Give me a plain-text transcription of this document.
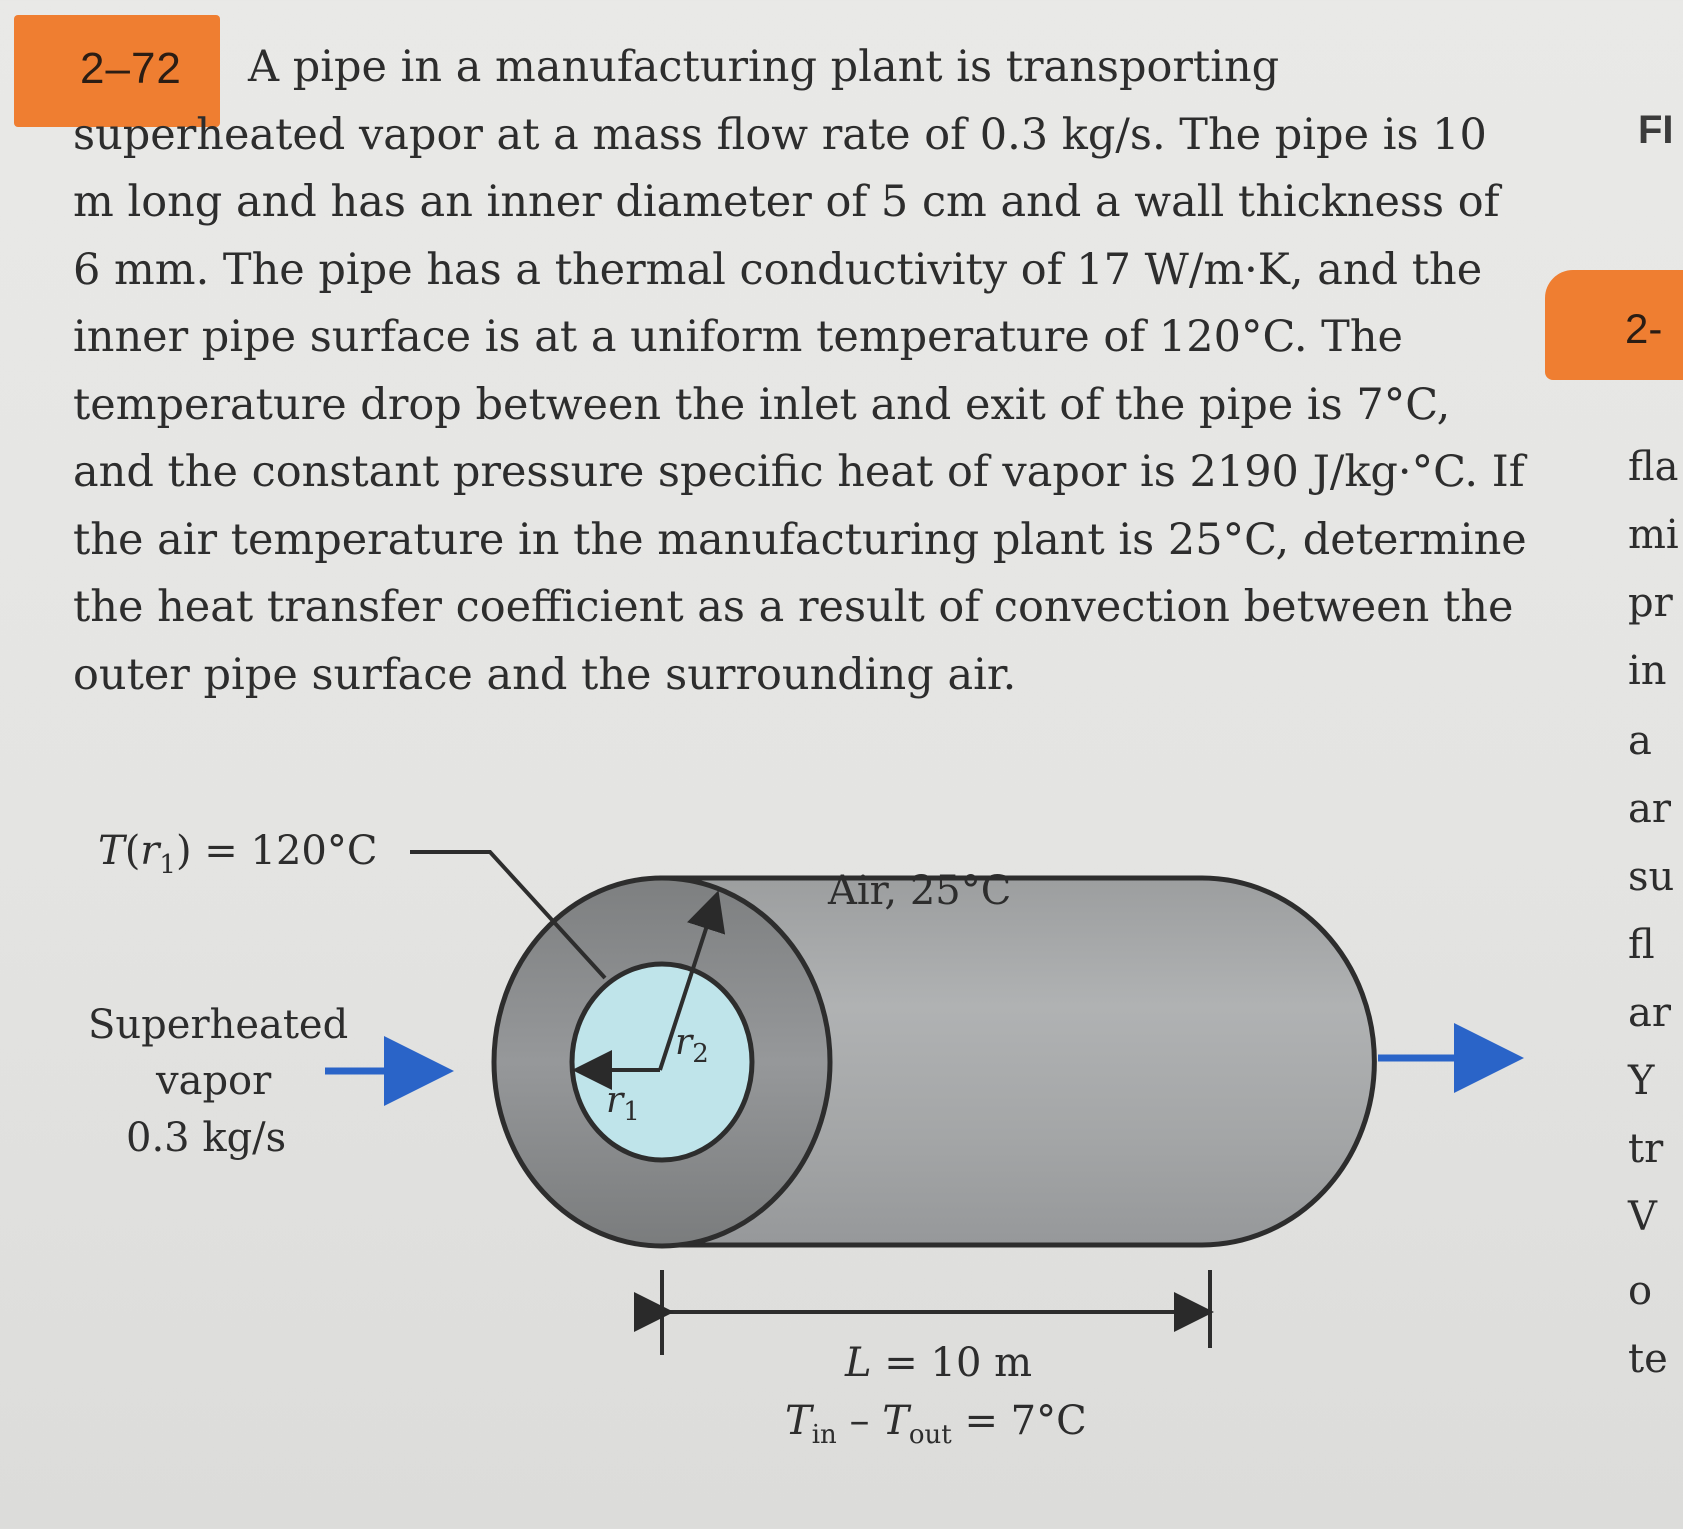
2–72	A pipe in a manufacturing plant is transporting superheated vapor at a mass flow rate of 0.3 kg/s. The pipe is 10 m long and has an inner diameter of 5 cm and a wall thickness of 6 mm. The pipe has a thermal conductivity of 17 W/m·K, and the inner pipe surface is at a uniform temperature of 120°C. The temperature drop between the inlet and exit of the pipe is 7°C, and the constant pressure specific heat of vapor is 2190 J/kg·°C. If the air temperature in the manufacturing plant is 25°C, determine the heat transfer coefficient as a result of convection between the outer pipe surface and the surrounding air.
FI
2-
fla
mi
pr
in
a
ar
su
fl
ar
Y
tr
V
o
te
Air, 25°C
$T(r_1) = 120^\circ C$
Superheated
vapor
0.3 kg/s
$r_1$
$r_2$
L = 10 m
$T_{in} - T_{out} = 7^\circ C$
